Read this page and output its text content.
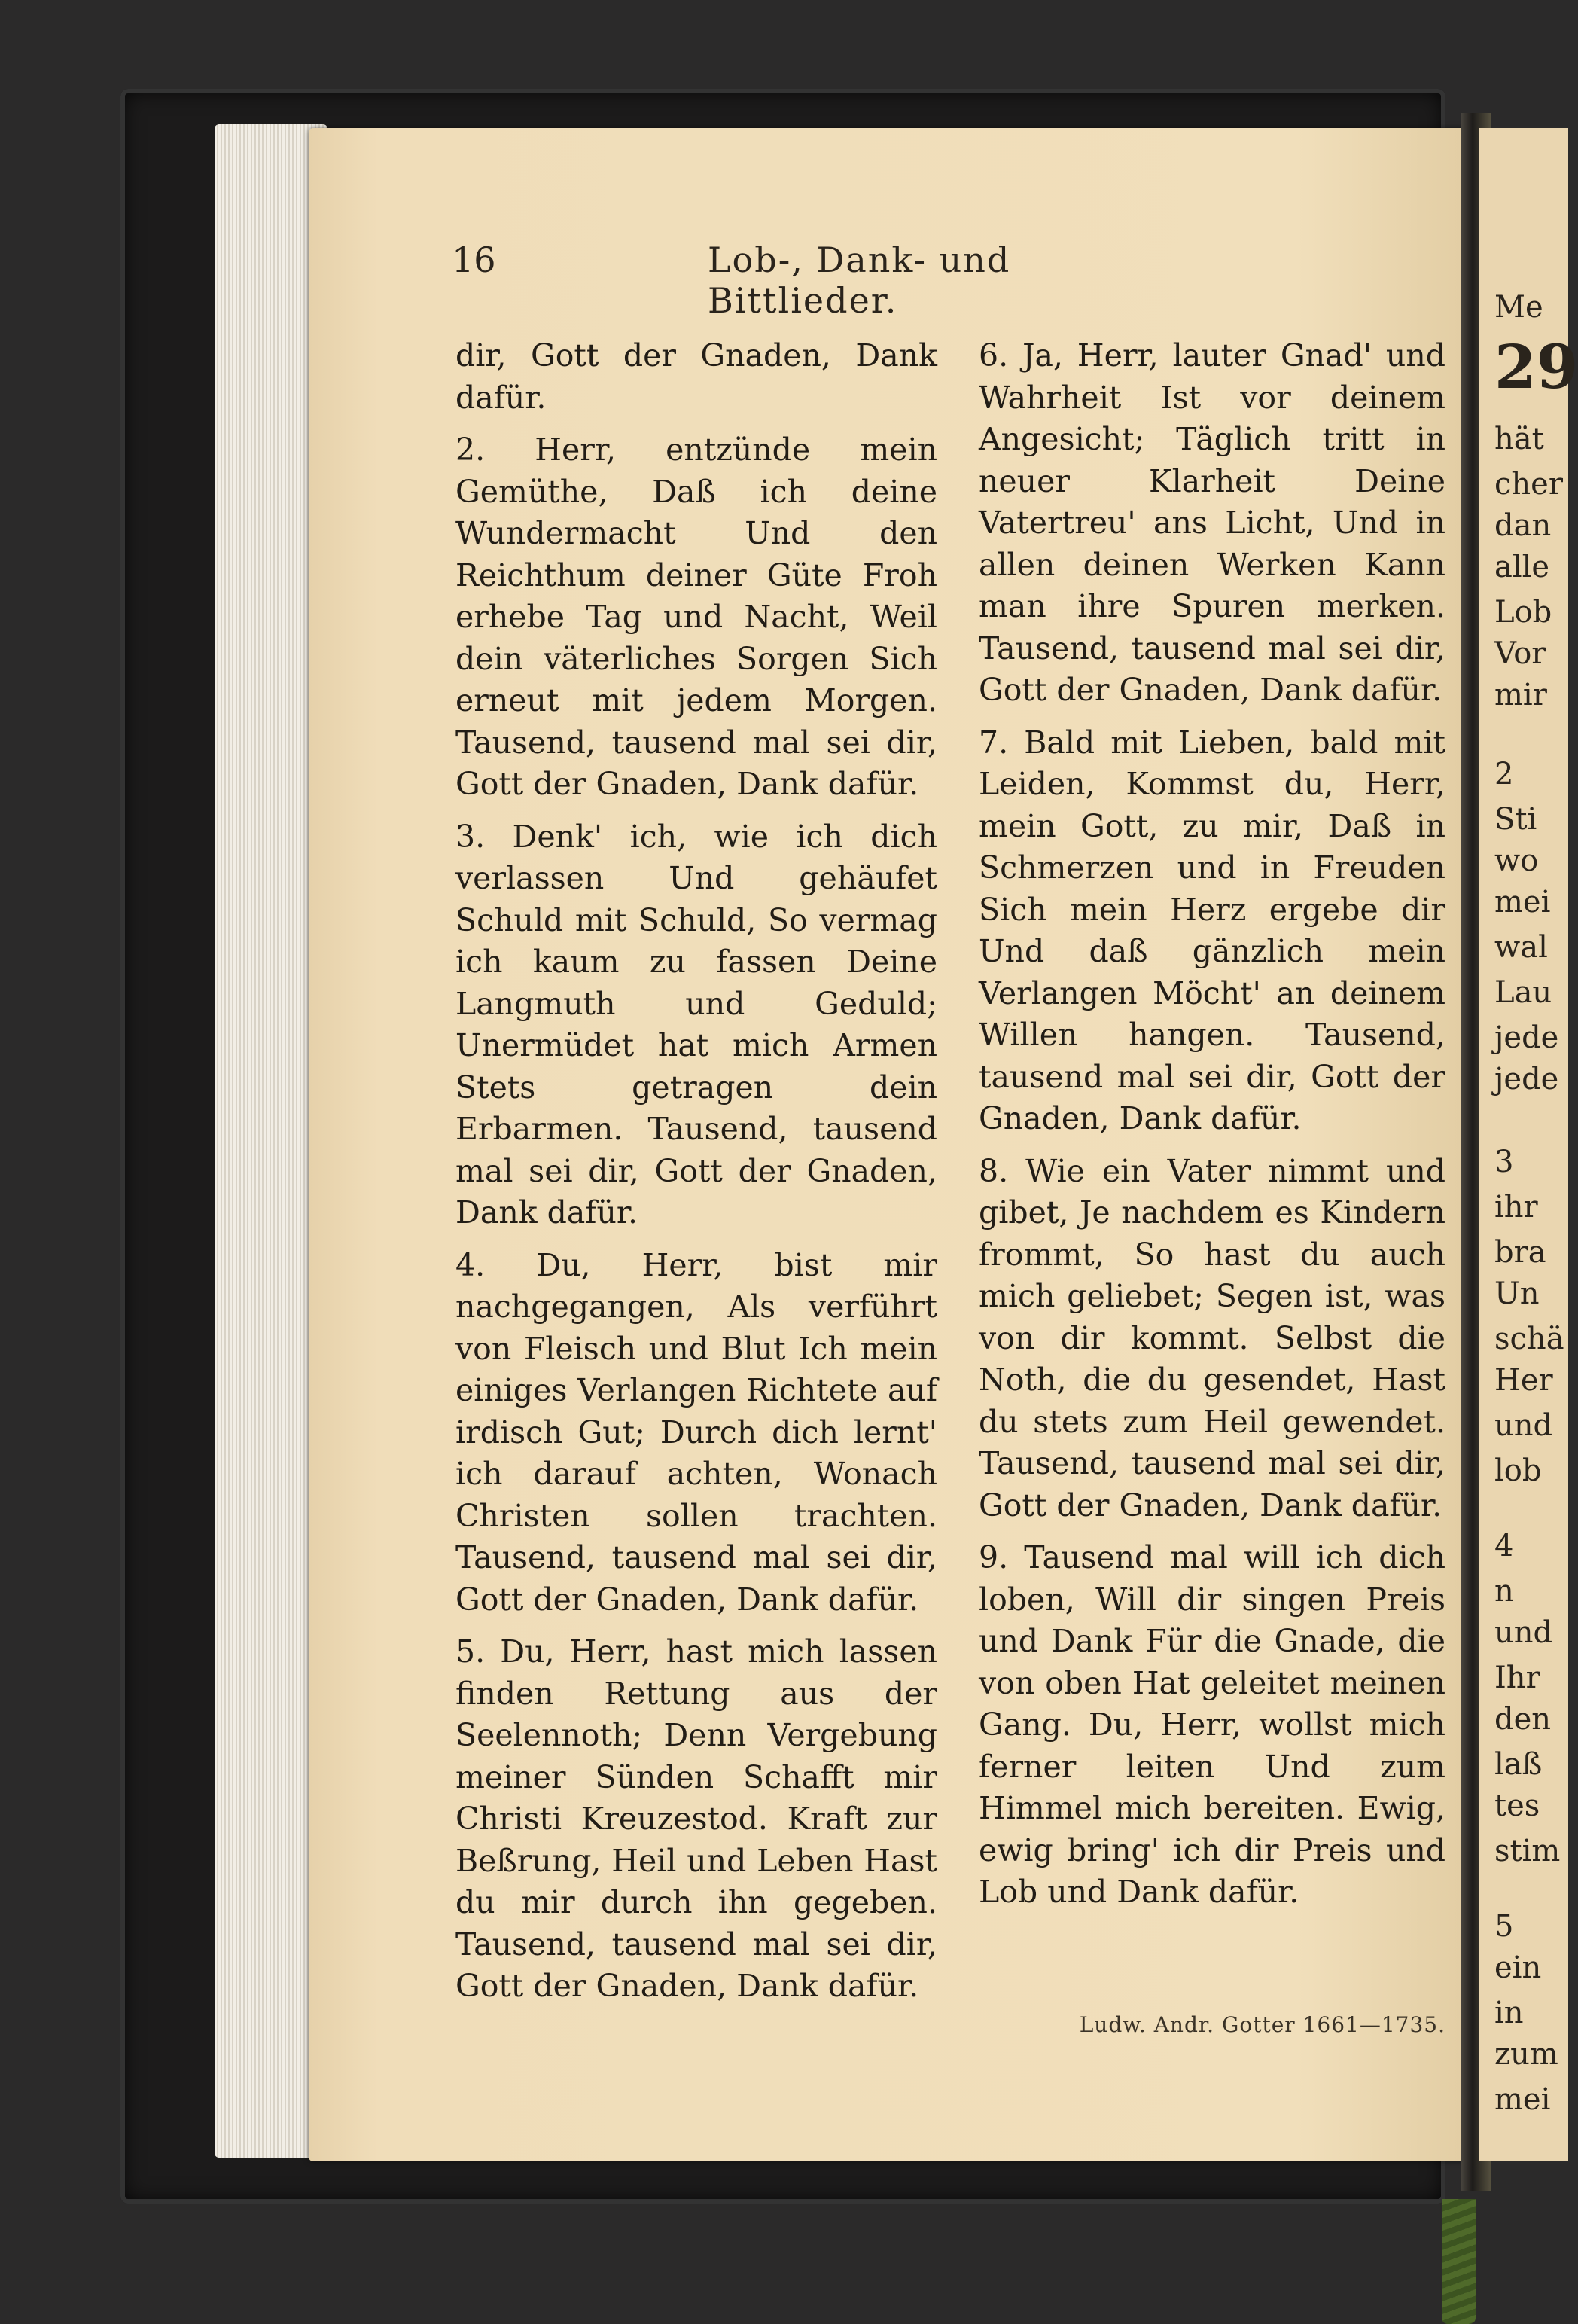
Me
29
hät
cher
dan
alle
Lob
Vor
mir
2
Sti
wo
mei
wal
Lau
jede
jede
3
ihr
bra
Un
schä
Her
und
lob
4
n
und
Ihr
den
laß
tes
stim
5
ein
in
zum
mei
16	Lob-, Dank- und Bittlieder.

dir, Gott der Gnaden, Dank dafür.

2. Herr, entzünde mein Gemüthe, Daß ich deine Wundermacht Und den Reichthum deiner Güte Froh erhebe Tag und Nacht, Weil dein väterliches Sorgen Sich erneut mit jedem Morgen. Tausend, tausend mal sei dir, Gott der Gnaden, Dank dafür.

3. Denk' ich, wie ich dich verlassen Und gehäufet Schuld mit Schuld, So vermag ich kaum zu fassen Deine Langmuth und Geduld; Unermüdet hat mich Armen Stets getragen dein Erbarmen. Tausend, tausend mal sei dir, Gott der Gnaden, Dank dafür.

4. Du, Herr, bist mir nachgegangen, Als verführt von Fleisch und Blut Ich mein einiges Verlangen Richtete auf irdisch Gut; Durch dich lernt' ich darauf achten, Wonach Christen sollen trachten. Tausend, tausend mal sei dir, Gott der Gnaden, Dank dafür.

5. Du, Herr, hast mich lassen finden Rettung aus der Seelennoth; Denn Vergebung meiner Sünden Schafft mir Christi Kreuzestod. Kraft zur Beßrung, Heil und Leben Hast du mir durch ihn gegeben. Tausend, tausend mal sei dir, Gott der Gnaden, Dank dafür.

6. Ja, Herr, lauter Gnad' und Wahrheit Ist vor deinem Angesicht; Täglich tritt in neuer Klarheit Deine Vatertreu' ans Licht, Und in allen deinen Werken Kann man ihre Spuren merken. Tausend, tausend mal sei dir, Gott der Gnaden, Dank dafür.

7. Bald mit Lieben, bald mit Leiden, Kommst du, Herr, mein Gott, zu mir, Daß in Schmerzen und in Freuden Sich mein Herz ergebe dir Und daß gänzlich mein Verlangen Möcht' an deinem Willen hangen. Tausend, tausend mal sei dir, Gott der Gnaden, Dank dafür.

8. Wie ein Vater nimmt und gibet, Je nachdem es Kindern frommt, So hast du auch mich geliebet; Segen ist, was von dir kommt. Selbst die Noth, die du gesendet, Hast du stets zum Heil gewendet. Tausend, tausend mal sei dir, Gott der Gnaden, Dank dafür.

9. Tausend mal will ich dich loben, Will dir singen Preis und Dank Für die Gnade, die von oben Hat geleitet meinen Gang. Du, Herr, wollst mich ferner leiten Und zum Himmel mich bereiten. Ewig, ewig bring' ich dir Preis und Lob und Dank dafür.

Ludw. Andr. Gotter 1661—1735.
